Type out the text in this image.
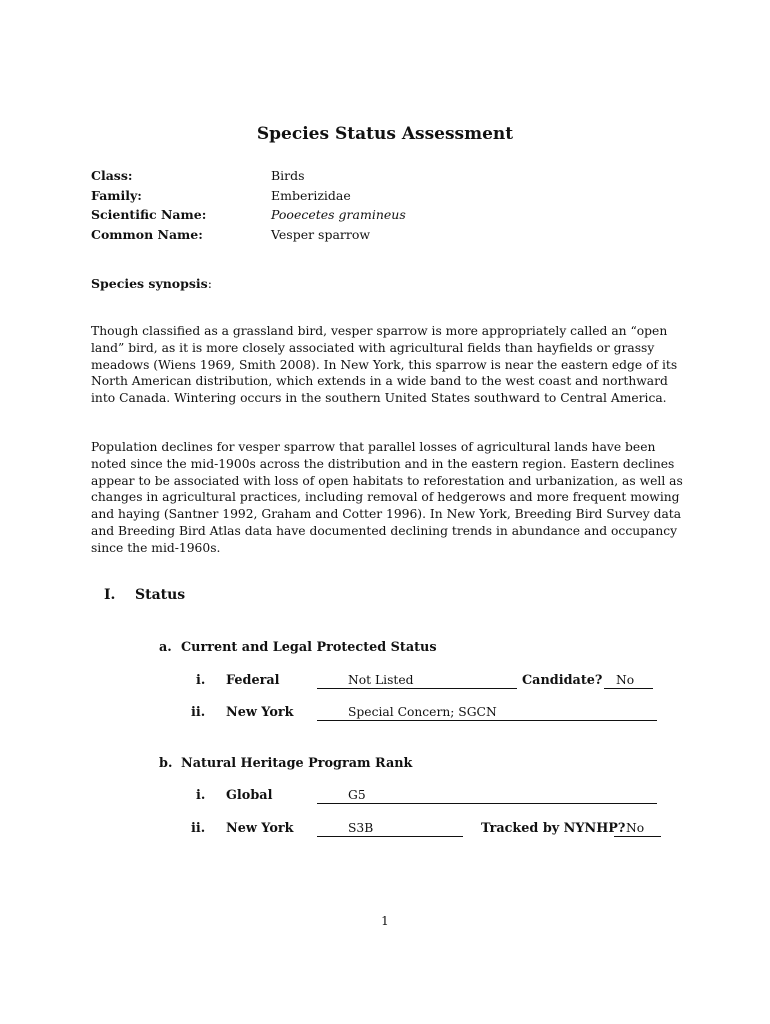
Species Status Assessment
Class:	Birds
Family:	Emberizidae
Scientific Name:	Pooecetes gramineus
Common Name:	Vesper sparrow
Species synopsis:
Though classified as a grassland bird, vesper sparrow is more appropriately called an “open land” bird, as it is more closely associated with agricultural fields than hayfields or grassy meadows (Wiens 1969, Smith 2008). In New York, this sparrow is near the eastern edge of its North American distribution, which extends in a wide band to the west coast and northward into Canada. Wintering occurs in the southern United States southward to Central America.
Population declines for vesper sparrow that parallel losses of agricultural lands have been noted since the mid-1900s across the distribution and in the eastern region. Eastern declines appear to be associated with loss of open habitats to reforestation and urbanization, as well as changes in agricultural practices, including removal of hedgerows and more frequent mowing and haying (Santner 1992, Graham and Cotter 1996). In New York, Breeding Bird Survey data and Breeding Bird Atlas data have documented declining trends in abundance and occupancy since the mid-1960s.
I. Status
a. Current and Legal Protected Status
i. Federal	Not Listed	Candidate?	No
ii. New York	Special Concern; SGCN
b. Natural Heritage Program Rank
i. Global	G5
ii. New York	S3B	Tracked by NYNHP? No
1
